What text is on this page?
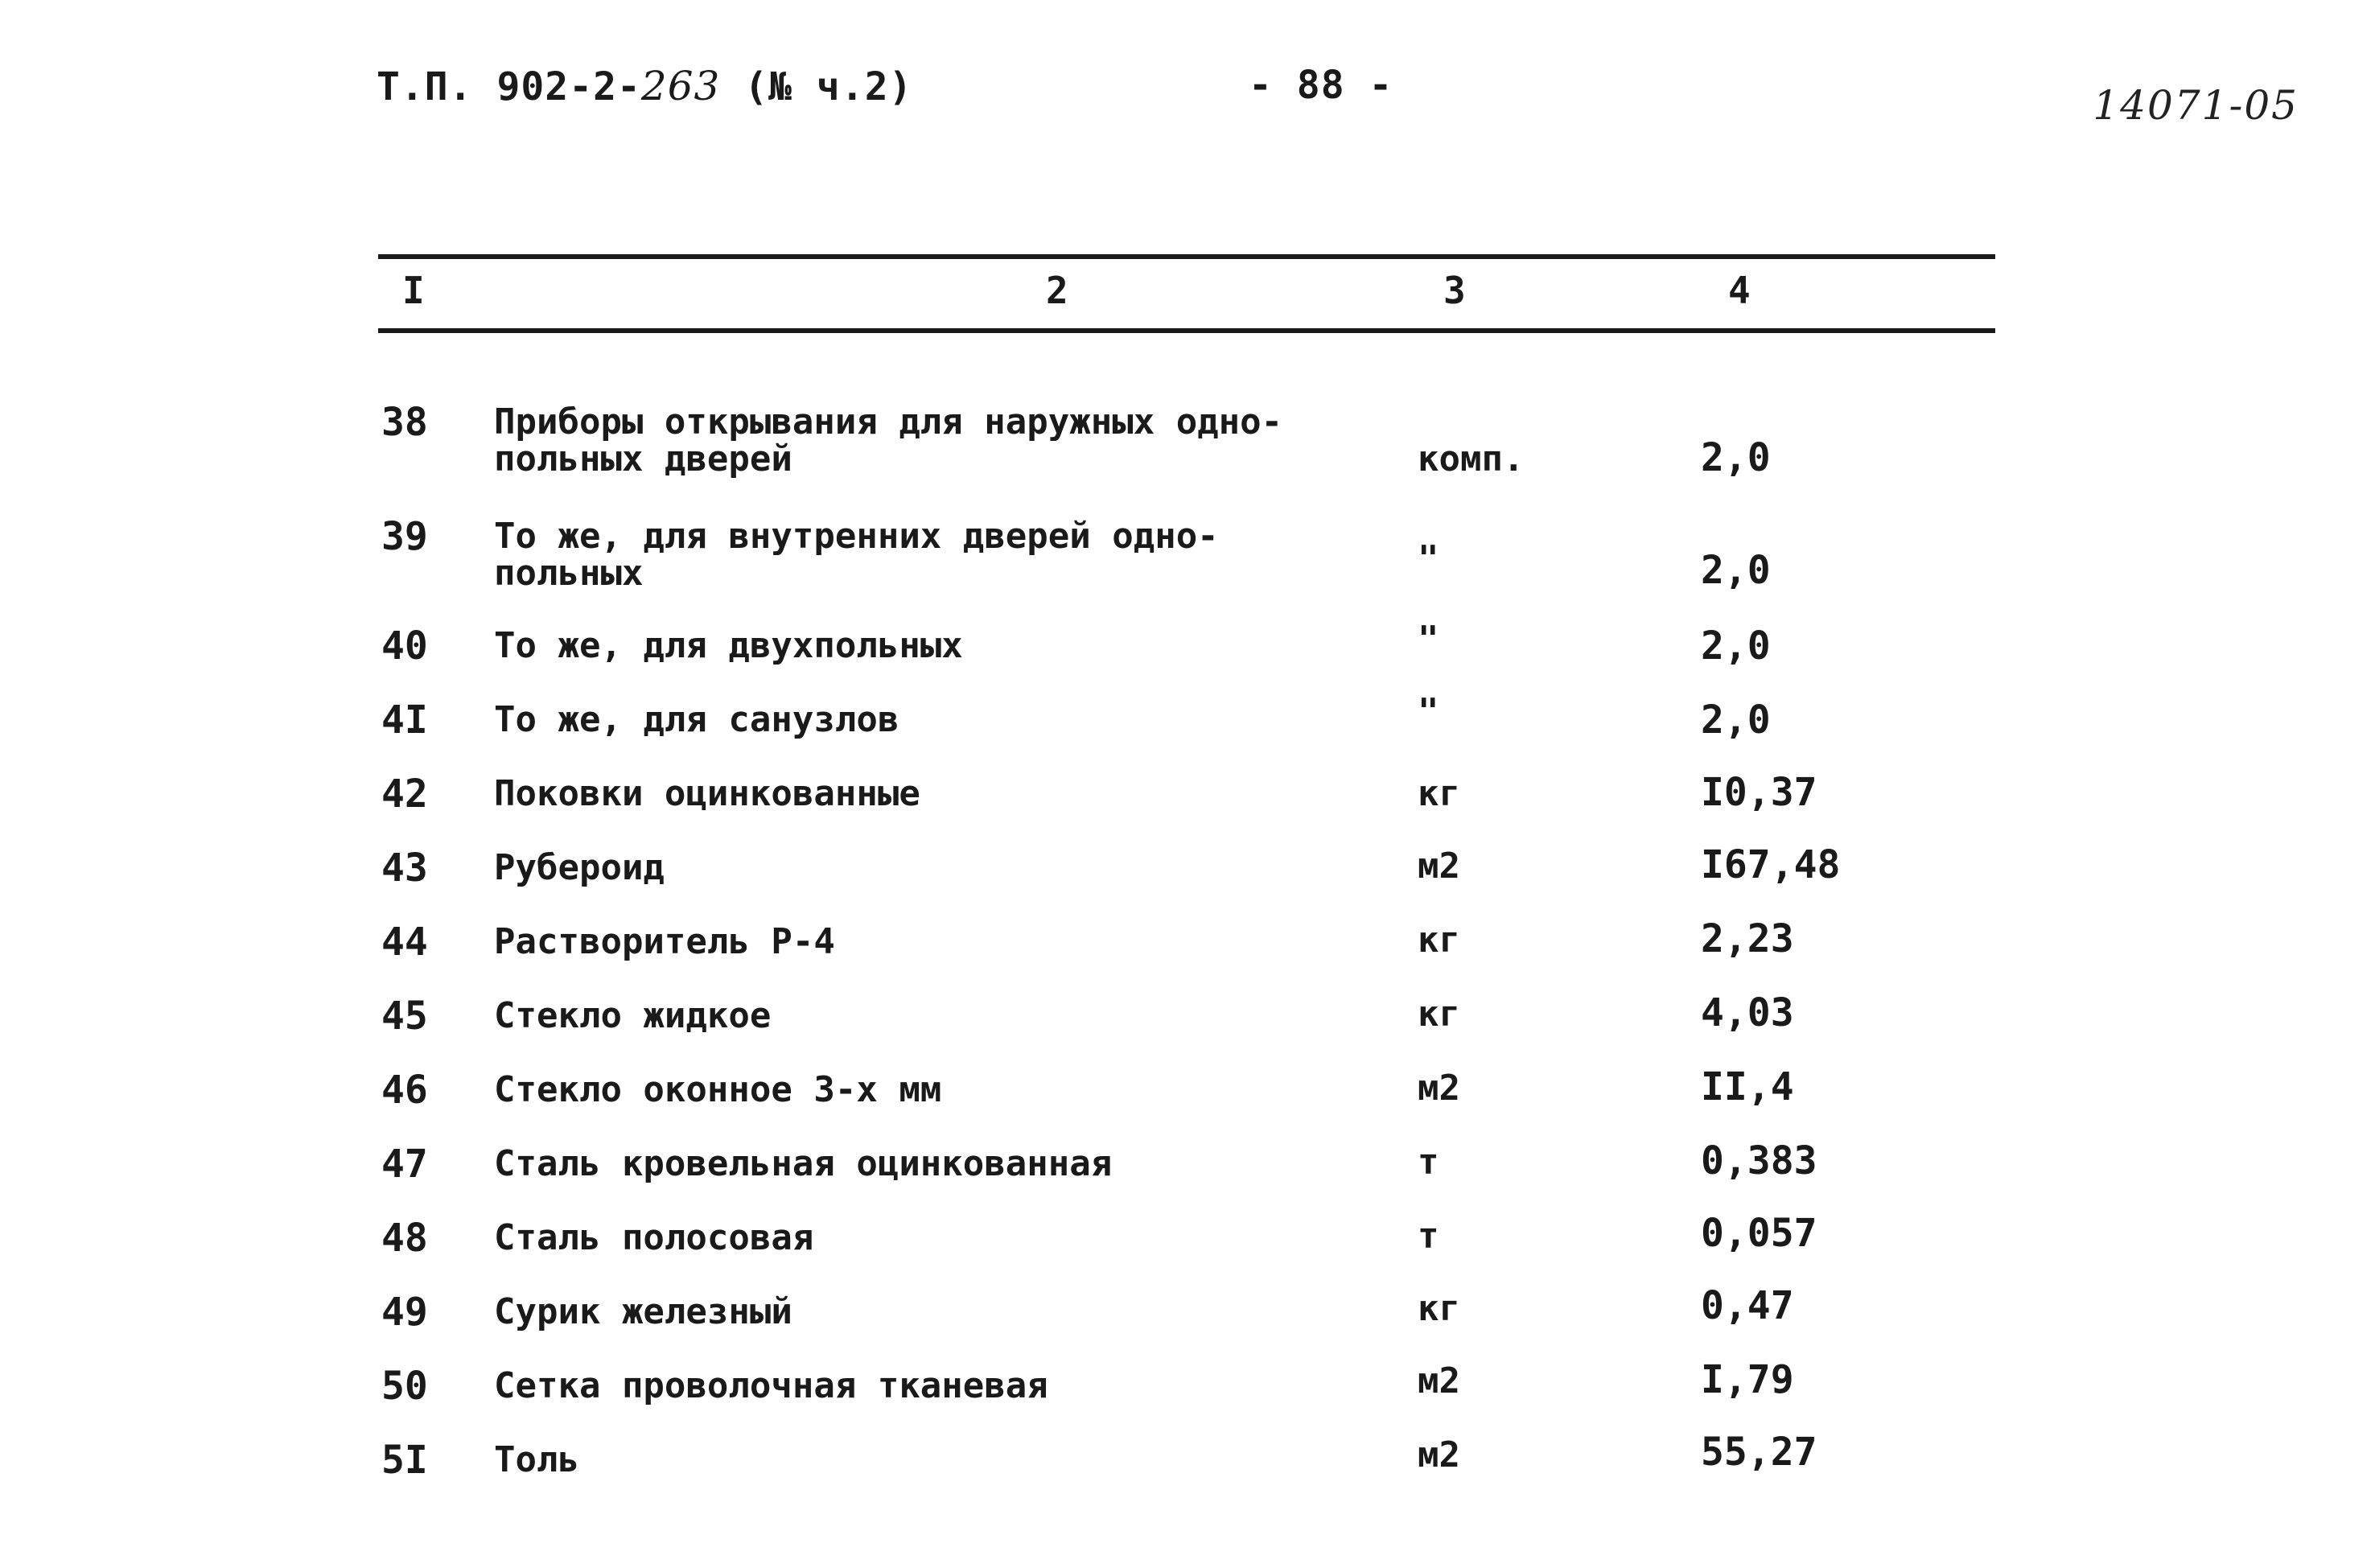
Т.П. 902-2-263 (№ ч.2)	- 88 -	14071-05
I	2	3	4
38 Приборы открывания для наружных одно-
польных дверей	комп.	2,0
39 То же, для внутренних дверей одно-
польных	"	2,0
40 То же, для двухпольных	"	2,0
4I То же, для санузлов	"	2,0
42 Поковки оцинкованные	кг	I0,37
43 Рубероид	м2	I67,48
44 Растворитель Р-4	кг	2,23
45 Стекло жидкое	кг	4,03
46 Стекло оконное 3-х мм	м2	II,4
47 Сталь кровельная оцинкованная	т	0,383
48 Сталь полосовая	т	0,057
49 Сурик железный	кг	0,47
50 Сетка проволочная тканевая	м2	I,79
5I Толь	м2	55,27
